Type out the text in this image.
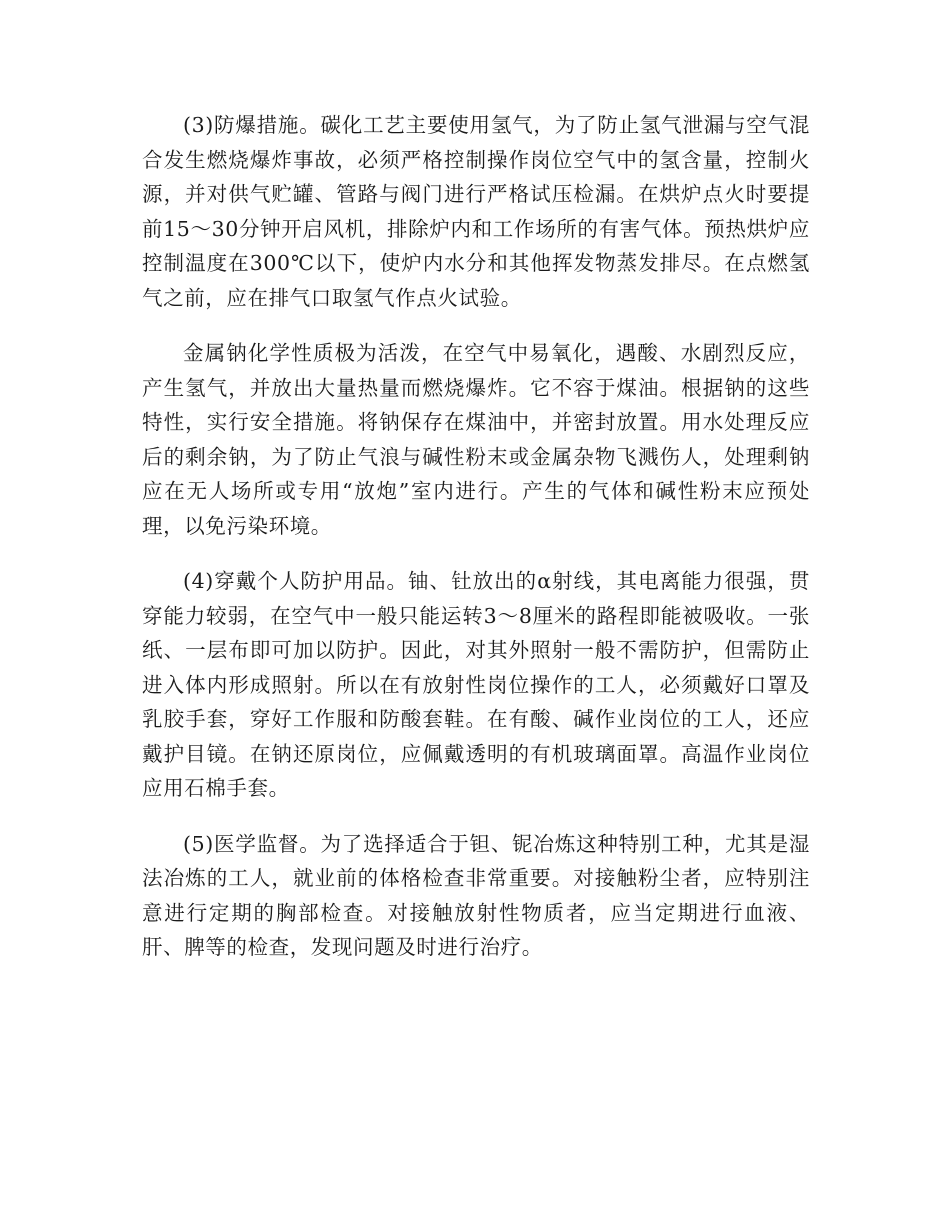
(3)防爆措施。碳化工艺主要使用氢气，为了防止氢气泄漏与空气混合发生燃烧爆炸事故，必须严格控制操作岗位空气中的氢含量，控制火源，并对供气贮罐、管路与阀门进行严格试压检漏。在烘炉点火时要提前15～30分钟开启风机，排除炉内和工作场所的有害气体。预热烘炉应控制温度在300℃以下，使炉内水分和其他挥发物蒸发排尽。在点燃氢气之前，应在排气口取氢气作点火试验。

金属钠化学性质极为活泼，在空气中易氧化，遇酸、水剧烈反应，产生氢气，并放出大量热量而燃烧爆炸。它不容于煤油。根据钠的这些特性，实行安全措施。将钠保存在煤油中，并密封放置。用水处理反应后的剩余钠，为了防止气浪与碱性粉末或金属杂物飞溅伤人，处理剩钠应在无人场所或专用“放炮”室内进行。产生的气体和碱性粉末应预处理，以免污染环境。

(4)穿戴个人防护用品。铀、钍放出的α射线，其电离能力很强，贯穿能力较弱，在空气中一般只能运转3～8厘米的路程即能被吸收。一张纸、一层布即可加以防护。因此，对其外照射一般不需防护，但需防止进入体内形成照射。所以在有放射性岗位操作的工人，必须戴好口罩及乳胶手套，穿好工作服和防酸套鞋。在有酸、碱作业岗位的工人，还应戴护目镜。在钠还原岗位，应佩戴透明的有机玻璃面罩。高温作业岗位应用石棉手套。

(5)医学监督。为了选择适合于钽、铌冶炼这种特别工种，尤其是湿法冶炼的工人，就业前的体格检查非常重要。对接触粉尘者，应特别注意进行定期的胸部检查。对接触放射性物质者，应当定期进行血液、肝、脾等的检查，发现问题及时进行治疗。
